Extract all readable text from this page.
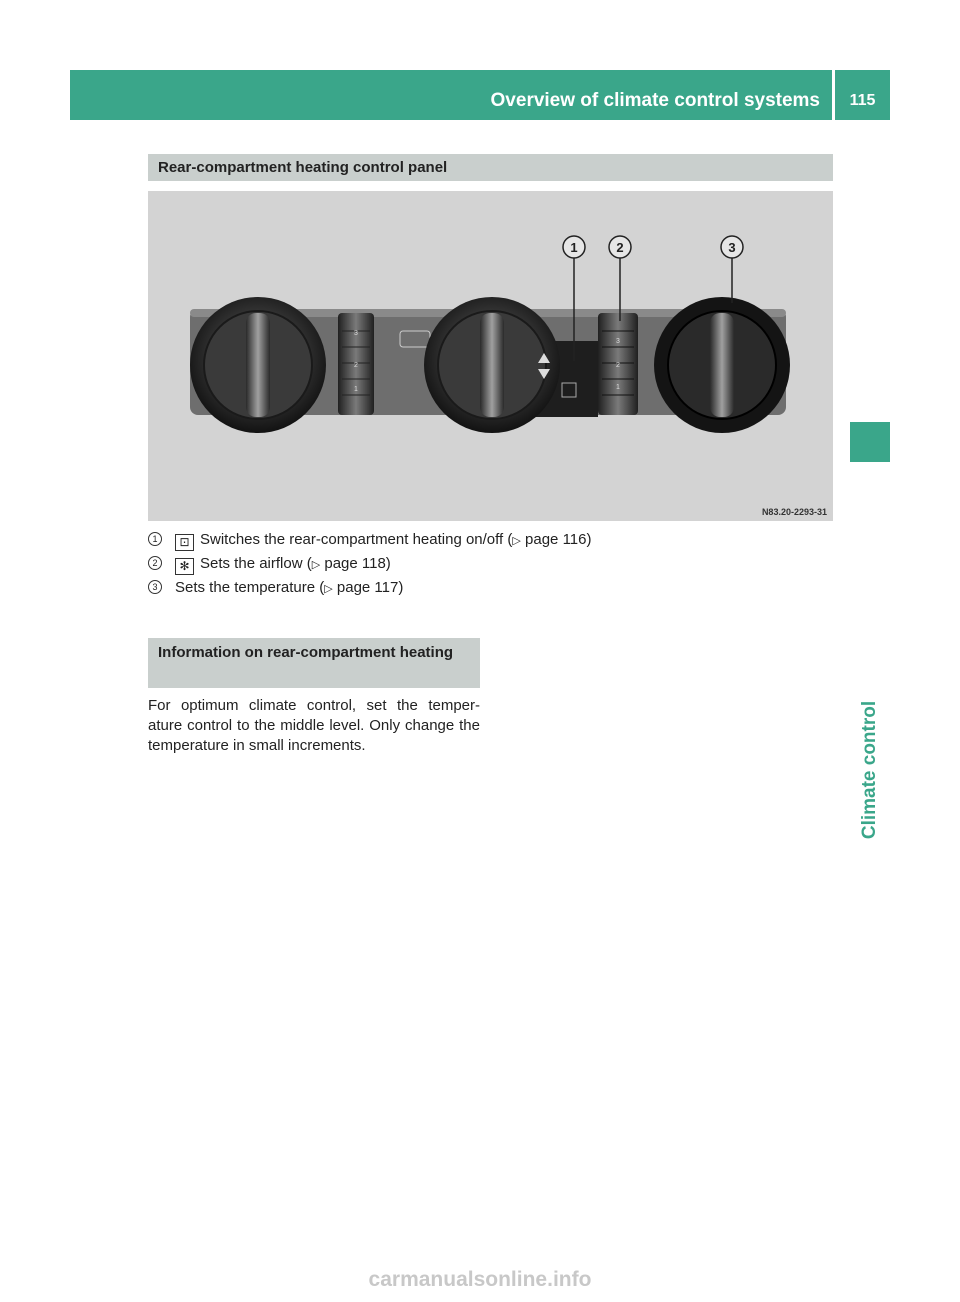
Overview of climate control systems	115
Climate control
Rear-compartment heating control panel
1	2	3
3
2
1
3
2
1
N83.20-2293-31
1	⊡ Switches the rear-compartment heating on/off (▷ page 116)
2	✻ Sets the airflow (▷ page 118)
3	Sets the temperature (▷ page 117)
Information on rear-compartment heating
For optimum climate control, set the temper- ature control to the middle level. Only change the temperature in small increments.
carmanualsonline.info
